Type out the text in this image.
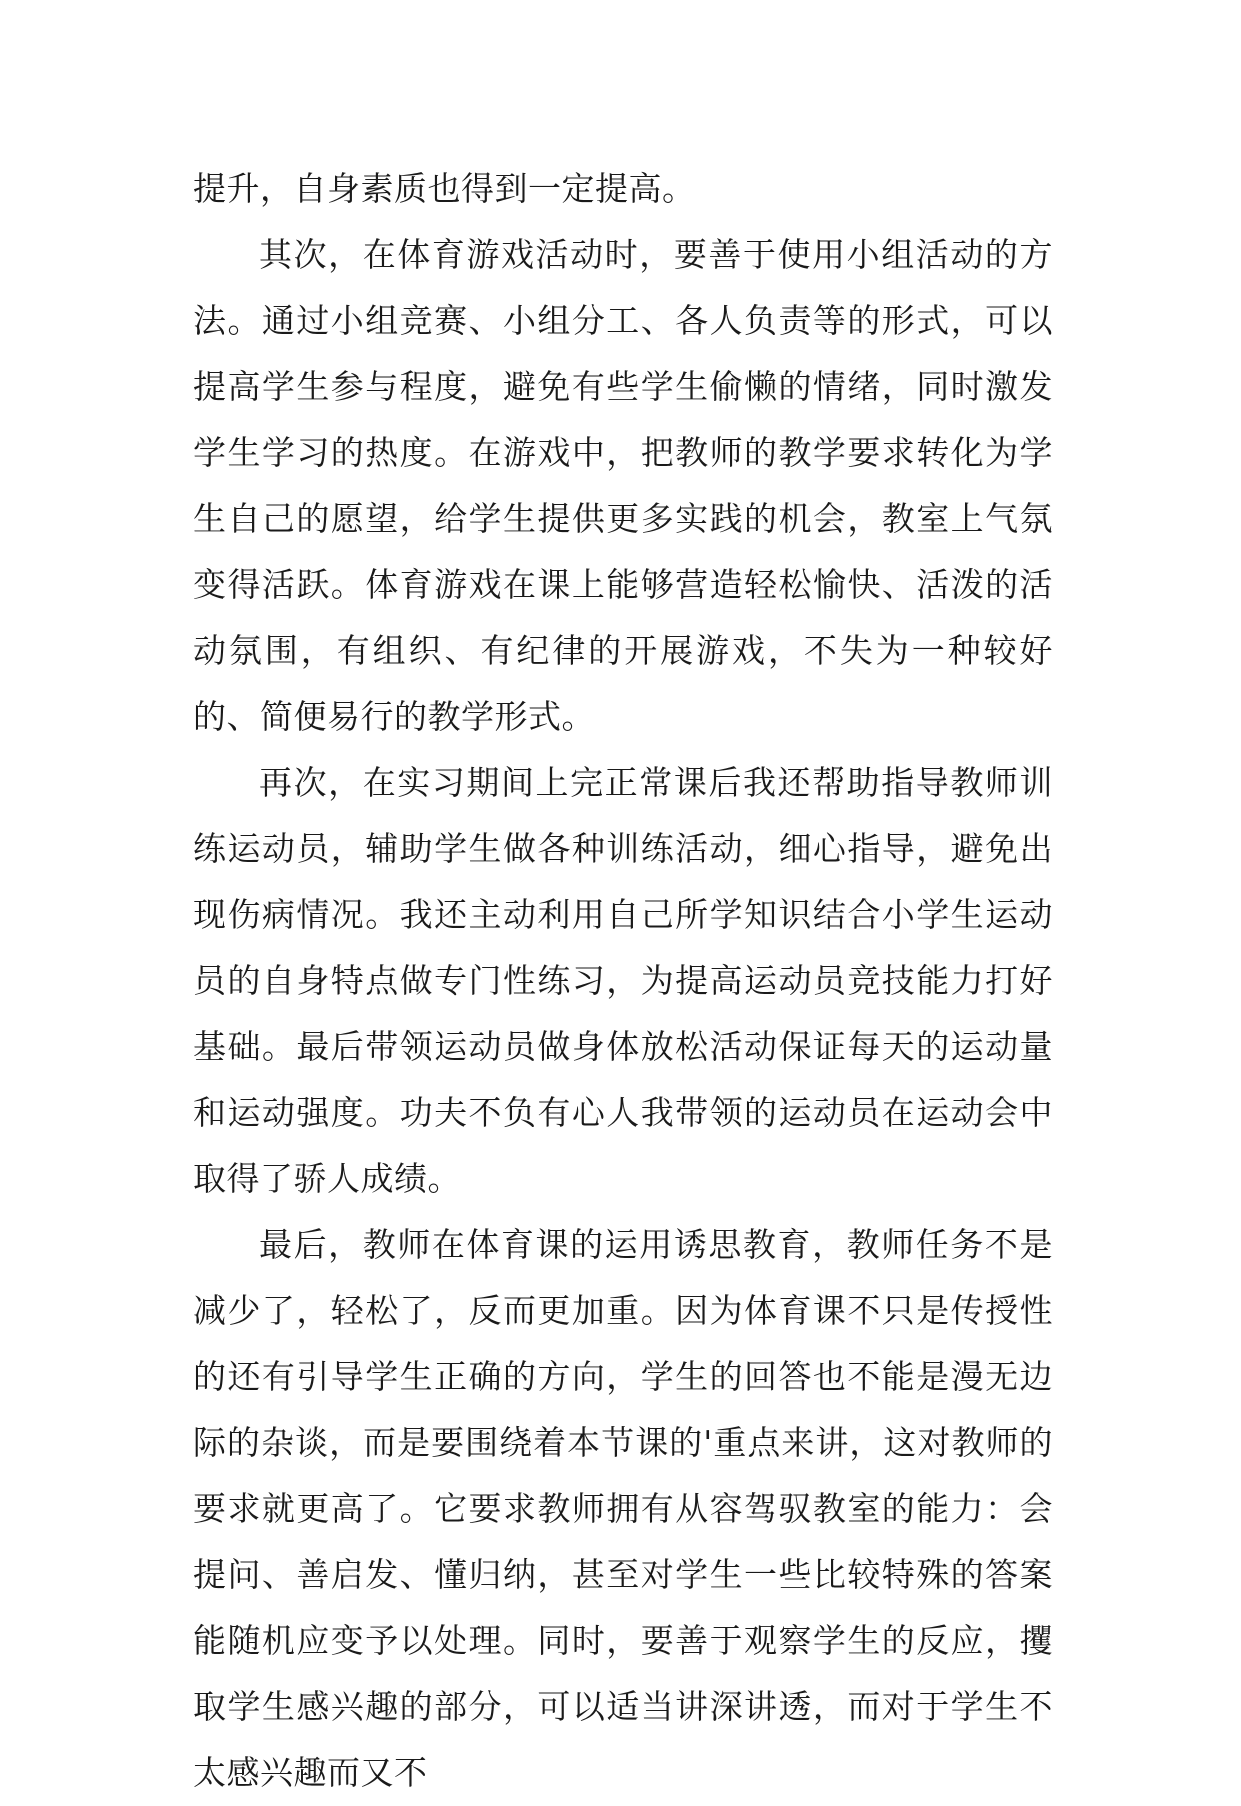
提升，自身素质也得到一定提高。

其次，在体育游戏活动时，要善于使用小组活动的方法。通过小组竞赛、小组分工、各人负责等的形式，可以提高学生参与程度，避免有些学生偷懒的情绪，同时激发学生学习的热度。在游戏中，把教师的教学要求转化为学生自己的愿望，给学生提供更多实践的机会，教室上气氛变得活跃。体育游戏在课上能够营造轻松愉快、活泼的活动氛围，有组织、有纪律的开展游戏，不失为一种较好的、简便易行的教学形式。

再次，在实习期间上完正常课后我还帮助指导教师训练运动员，辅助学生做各种训练活动，细心指导，避免出现伤病情况。我还主动利用自己所学知识结合小学生运动员的自身特点做专门性练习，为提高运动员竞技能力打好基础。最后带领运动员做身体放松活动保证每天的运动量和运动强度。功夫不负有心人我带领的运动员在运动会中取得了骄人成绩。

最后，教师在体育课的运用诱思教育，教师任务不是减少了，轻松了，反而更加重。因为体育课不只是传授性的还有引导学生正确的方向，学生的回答也不能是漫无边际的杂谈，而是要围绕着本节课的'重点来讲，这对教师的要求就更高了。它要求教师拥有从容驾驭教室的能力：会提问、善启发、懂归纳，甚至对学生一些比较特殊的答案能随机应变予以处理。同时，要善于观察学生的反应，攫取学生感兴趣的部分，可以适当讲深讲透，而对于学生不太感兴趣而又不
